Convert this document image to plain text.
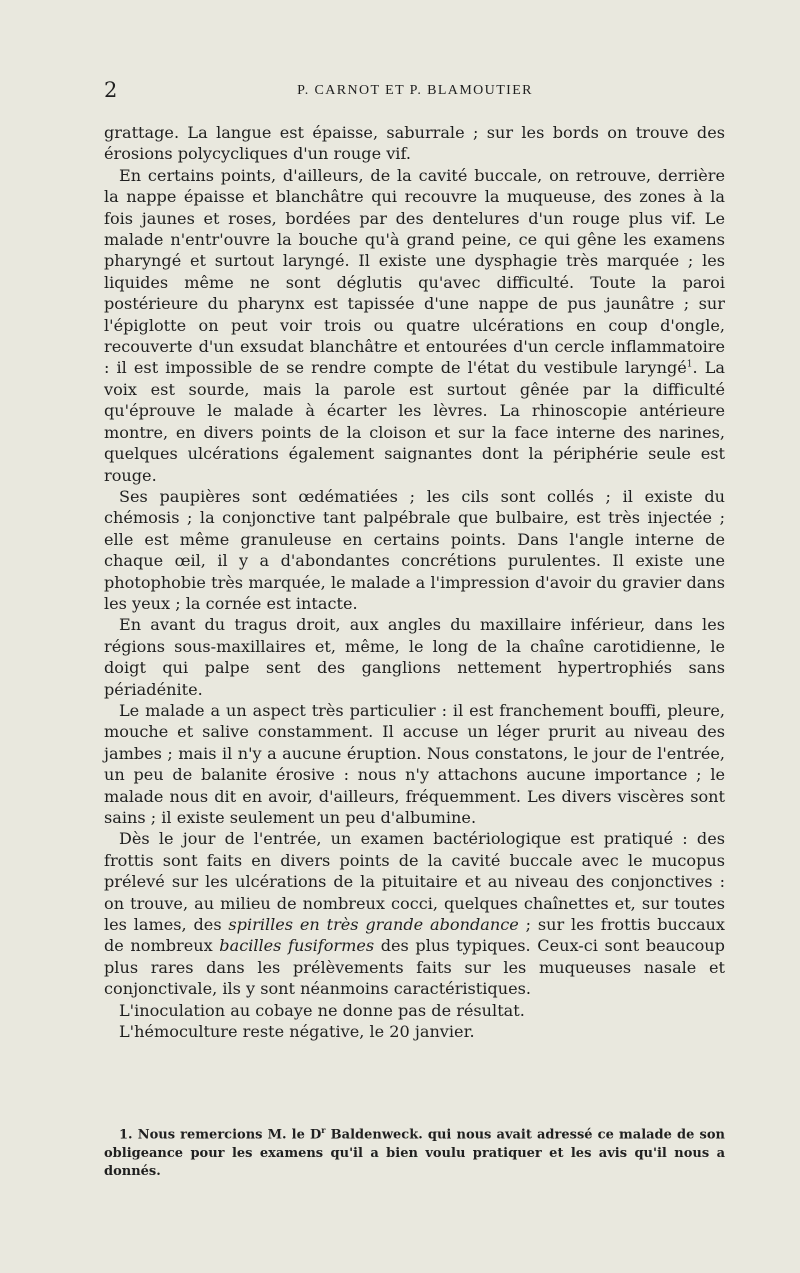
2	P. CARNOT ET P. BLAMOUTIER

grattage. La langue est épaisse, saburrale ; sur les bords on trouve des érosions polycycliques d'un rouge vif.

En certains points, d'ailleurs, de la cavité buccale, on retrouve, derrière la nappe épaisse et blanchâtre qui recouvre la muqueuse, des zones à la fois jaunes et roses, bordées par des dentelures d'un rouge plus vif. Le malade n'entr'ouvre la bouche qu'à grand peine, ce qui gêne les examens pharyngé et surtout laryngé. Il existe une dysphagie très marquée ; les liquides même ne sont déglutis qu'avec difficulté. Toute la paroi postérieure du pharynx est tapissée d'une nappe de pus jaunâtre ; sur l'épiglotte on peut voir trois ou quatre ulcérations en coup d'ongle, recouverte d'un exsudat blanchâtre et entourées d'un cercle inflammatoire : il est impossible de se rendre compte de l'état du vestibule laryngé$^1$. La voix est sourde, mais la parole est surtout gênée par la difficulté qu'éprouve le malade à écarter les lèvres. La rhinoscopie antérieure montre, en divers points de la cloison et sur la face interne des narines, quelques ulcérations également saignantes dont la périphérie seule est rouge.

Ses paupières sont œdématiées ; les cils sont collés ; il existe du chémosis ; la conjonctive tant palpébrale que bulbaire, est très injectée ; elle est même granuleuse en certains points. Dans l'angle interne de chaque œil, il y a d'abondantes concrétions purulentes. Il existe une photophobie très marquée, le malade a l'impression d'avoir du gravier dans les yeux ; la cornée est intacte.

En avant du tragus droit, aux angles du maxillaire inférieur, dans les régions sous-maxillaires et, même, le long de la chaîne carotidienne, le doigt qui palpe sent des ganglions nettement hypertrophiés sans périadénite.

Le malade a un aspect très particulier : il est franchement bouffi, pleure, mouche et salive constamment. Il accuse un léger prurit au niveau des jambes ; mais il n'y a aucune éruption. Nous constatons, le jour de l'entrée, un peu de balanite érosive : nous n'y attachons aucune importance ; le malade nous dit en avoir, d'ailleurs, fréquemment. Les divers viscères sont sains ; il existe seulement un peu d'albumine.

Dès le jour de l'entrée, un examen bactériologique est pratiqué : des frottis sont faits en divers points de la cavité buccale avec le mucopus prélevé sur les ulcérations de la pituitaire et au niveau des conjonctives : on trouve, au milieu de nombreux cocci, quelques chaînettes et, sur toutes les lames, des spirilles en très grande abondance ; sur les frottis buccaux de nombreux bacilles fusiformes des plus typiques. Ceux-ci sont beaucoup plus rares dans les prélèvements faits sur les muqueuses nasale et conjonctivale, ils y sont néanmoins caractéristiques.

L'inoculation au cobaye ne donne pas de résultat.

L'hémoculture reste négative, le 20 janvier.

1. Nous remercions M. le $D^r$ Baldenweck. qui nous avait adressé ce malade de son obligeance pour les examens qu'il a bien voulu pratiquer et les avis qu'il nous a donnés.
